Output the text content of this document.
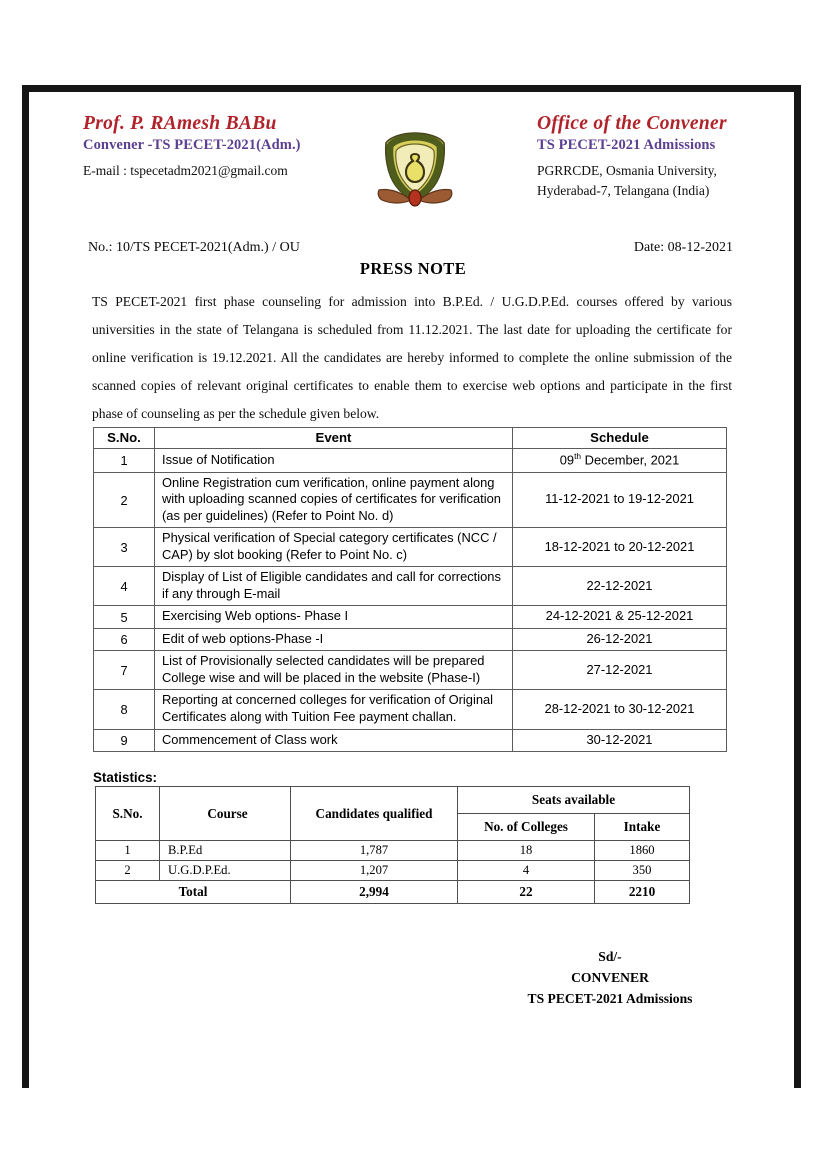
Prof. P. RAmesh BABu
Convener -TS PECET-2021(Adm.)
E-mail : tspecetadm2021@gmail.com
Office of the Convener
TS PECET-2021 Admissions
PGRRCDE, Osmania University,
Hyderabad-7, Telangana (India)
No.: 10/TS PECET-2021(Adm.) / OU	Date: 08-12-2021
PRESS NOTE
TS PECET-2021 first phase counseling for admission into B.P.Ed. / U.G.D.P.Ed. courses offered by various universities in the state of Telangana is scheduled from 11.12.2021. The last date for uploading the certificate for online verification is 19.12.2021. All the candidates are hereby informed to complete the online submission of the scanned copies of relevant original certificates to enable them to exercise web options and participate in the first phase of counseling as per the schedule given below.
S.No.	Event	Schedule
1	Issue of Notification	09th December, 2021
2	Online Registration cum verification, online payment along with uploading scanned copies of certificates for verification (as per guidelines) (Refer to Point No. d)	11-12-2021 to 19-12-2021
3	Physical verification of Special category certificates (NCC / CAP) by slot booking (Refer to Point No. c)	18-12-2021 to 20-12-2021
4	Display of List of Eligible candidates and call for corrections if any through E-mail	22-12-2021
5	Exercising Web options- Phase I	24-12-2021 & 25-12-2021
6	Edit of web options-Phase -I	26-12-2021
7	List of Provisionally selected candidates will be prepared College wise and will be placed in the website (Phase-I)	27-12-2021
8	Reporting at concerned colleges for verification of Original Certificates along with Tuition Fee payment challan.	28-12-2021 to 30-12-2021
9	Commencement of Class work	30-12-2021
Statistics:
S.No.	Course	Candidates qualified	Seats available	
			No. of Colleges	Intake
1	B.P.Ed	1,787	18	1860
2	U.G.D.P.Ed.	1,207	4	350
Total		2,994	22	2210
Sd/-
CONVENER
TS PECET-2021 Admissions
